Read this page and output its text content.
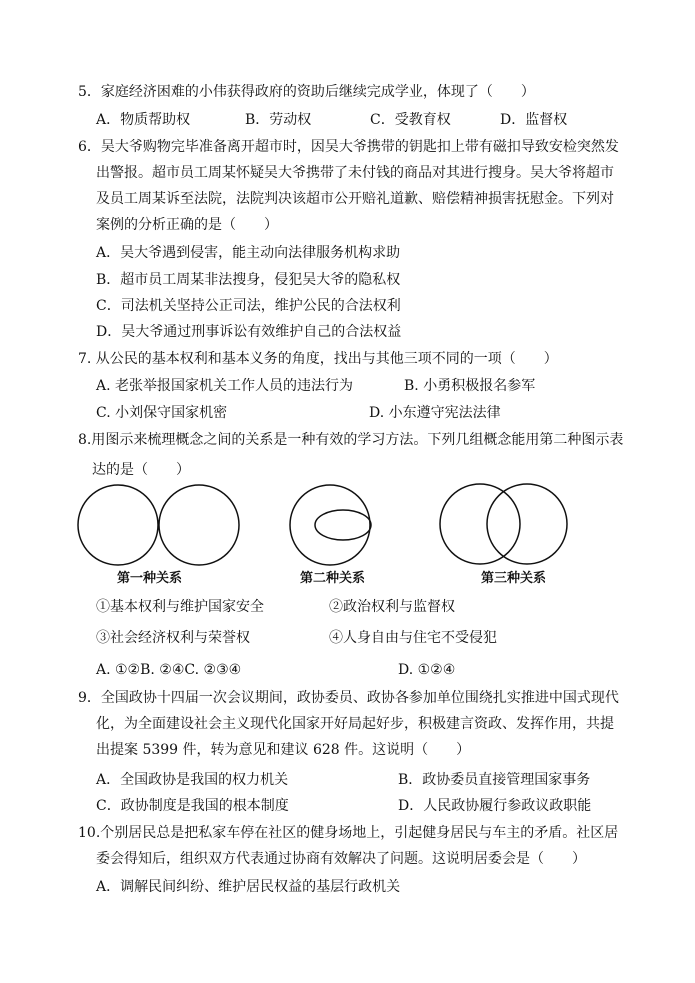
5．家庭经济困难的小伟获得政府的资助后继续完成学业，体现了（　　）
A．物质帮助权	B．劳动权	C．受教育权	D．监督权
6．吴大爷购物完毕准备离开超市时，因吴大爷携带的钥匙扣上带有磁扣导致安检突然发
出警报。超市员工周某怀疑吴大爷携带了未付钱的商品对其进行搜身。吴大爷将超市
及员工周某诉至法院，法院判决该超市公开赔礼道歉、赔偿精神损害抚慰金。下列对
案例的分析正确的是（　　）
A．吴大爷遇到侵害，能主动向法律服务机构求助
B．超市员工周某非法搜身，侵犯吴大爷的隐私权
C．司法机关坚持公正司法，维护公民的合法权利
D．吴大爷通过刑事诉讼有效维护自己的合法权益
7. 从公民的基本权利和基本义务的角度，找出与其他三项不同的一项（　　）
A. 老张举报国家机关工作人员的违法行为	B. 小勇积极报名参军
C. 小刘保守国家机密	D. 小东遵守宪法法律
8.用图示来梳理概念之间的关系是一种有效的学习方法。下列几组概念能用第二种图示表
达的是（　　）
第一种关系	第二种关系	第三种关系
①基本权利与维护国家安全	②政治权利与监督权
③社会经济权利与荣誉权	④人身自由与住宅不受侵犯
A. ①②B. ②④C. ②③④	D. ①②④
9．全国政协十四届一次会议期间，政协委员、政协各参加单位围绕扎实推进中国式现代
化，为全面建设社会主义现代化国家开好局起好步，积极建言资政、发挥作用，共提
出提案 5399 件，转为意见和建议 628 件。这说明（　　）
A．全国政协是我国的权力机关	B．政协委员直接管理国家事务
C．政协制度是我国的根本制度	D．人民政协履行参政议政职能
10.个别居民总是把私家车停在社区的健身场地上，引起健身居民与车主的矛盾。社区居
委会得知后，组织双方代表通过协商有效解决了问题。这说明居委会是（　　）
A．调解民间纠纷、维护居民权益的基层行政机关
